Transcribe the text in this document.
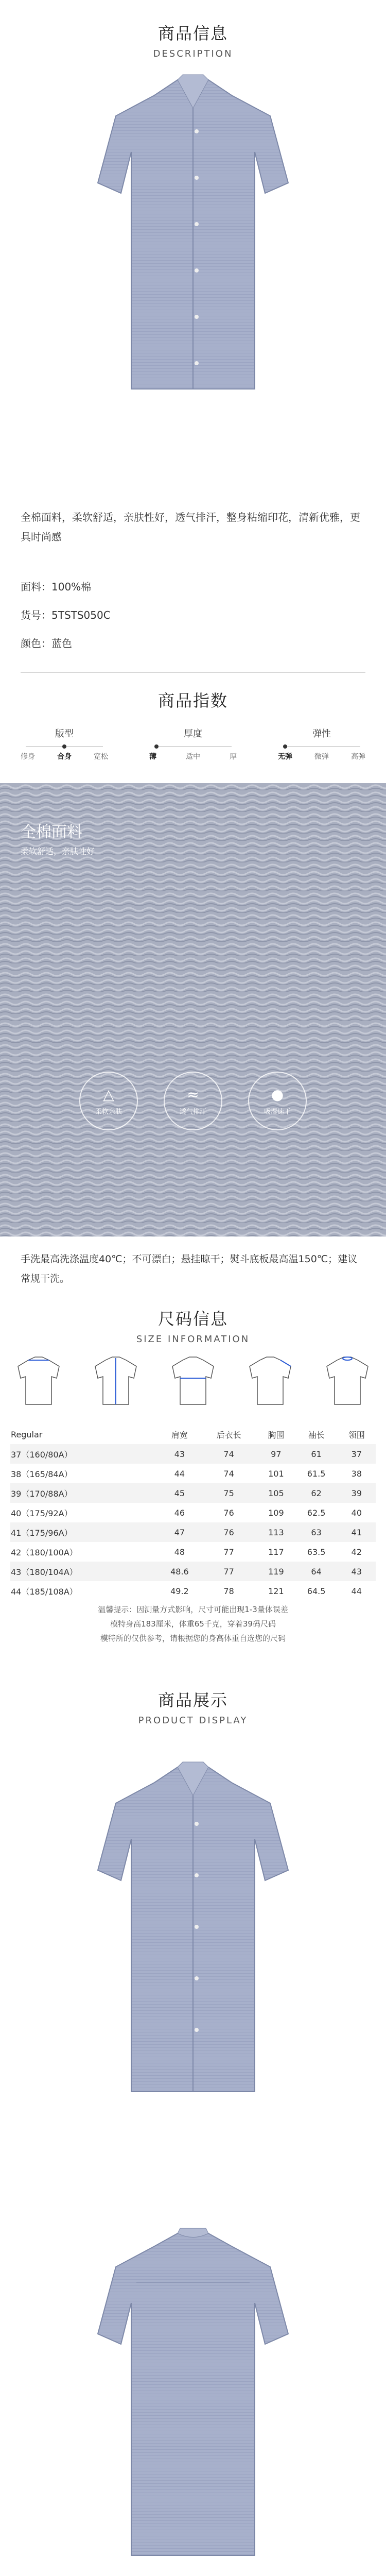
商品信息
DESCRIPTION
全棉面料，柔软舒适，亲肤性好，透气排汗，整身粘缩印花，清新优雅，更具时尚感
面料：100%棉
货号：5TSTS050C
颜色：蓝色
商品指数
版型
修身	合身	宽松
厚度
薄	适中	厚
弹性
无弹	微弹	高弹
全棉面料
柔软舒适，亲肤性好
△
柔软亲肤
≈
透气排汗
●
吸湿速干
手洗最高洗涤温度40℃；不可漂白；悬挂晾干；熨斗底板最高温150℃；建议常规干洗。
尺码信息
SIZE INFORMATION
Regular	肩宽	后衣长	胸围	袖长	领围
37（160/80A）	43	74	97	61	37
38（165/84A）	44	74	101	61.5	38
39（170/88A）	45	75	105	62	39
40（175/92A）	46	76	109	62.5	40
41（175/96A）	47	76	113	63	41
42（180/100A）	48	77	117	63.5	42
43（180/104A）	48.6	77	119	64	43
44（185/108A）	49.2	78	121	64.5	44
温馨提示：因测量方式影响，尺寸可能出现1-3量体误差
模特身高183厘米，体重65千克，穿着39码尺码
模特所的仅供参考，请根据您的身高体重自选您的尺码
商品展示
PRODUCT DISPLAY
